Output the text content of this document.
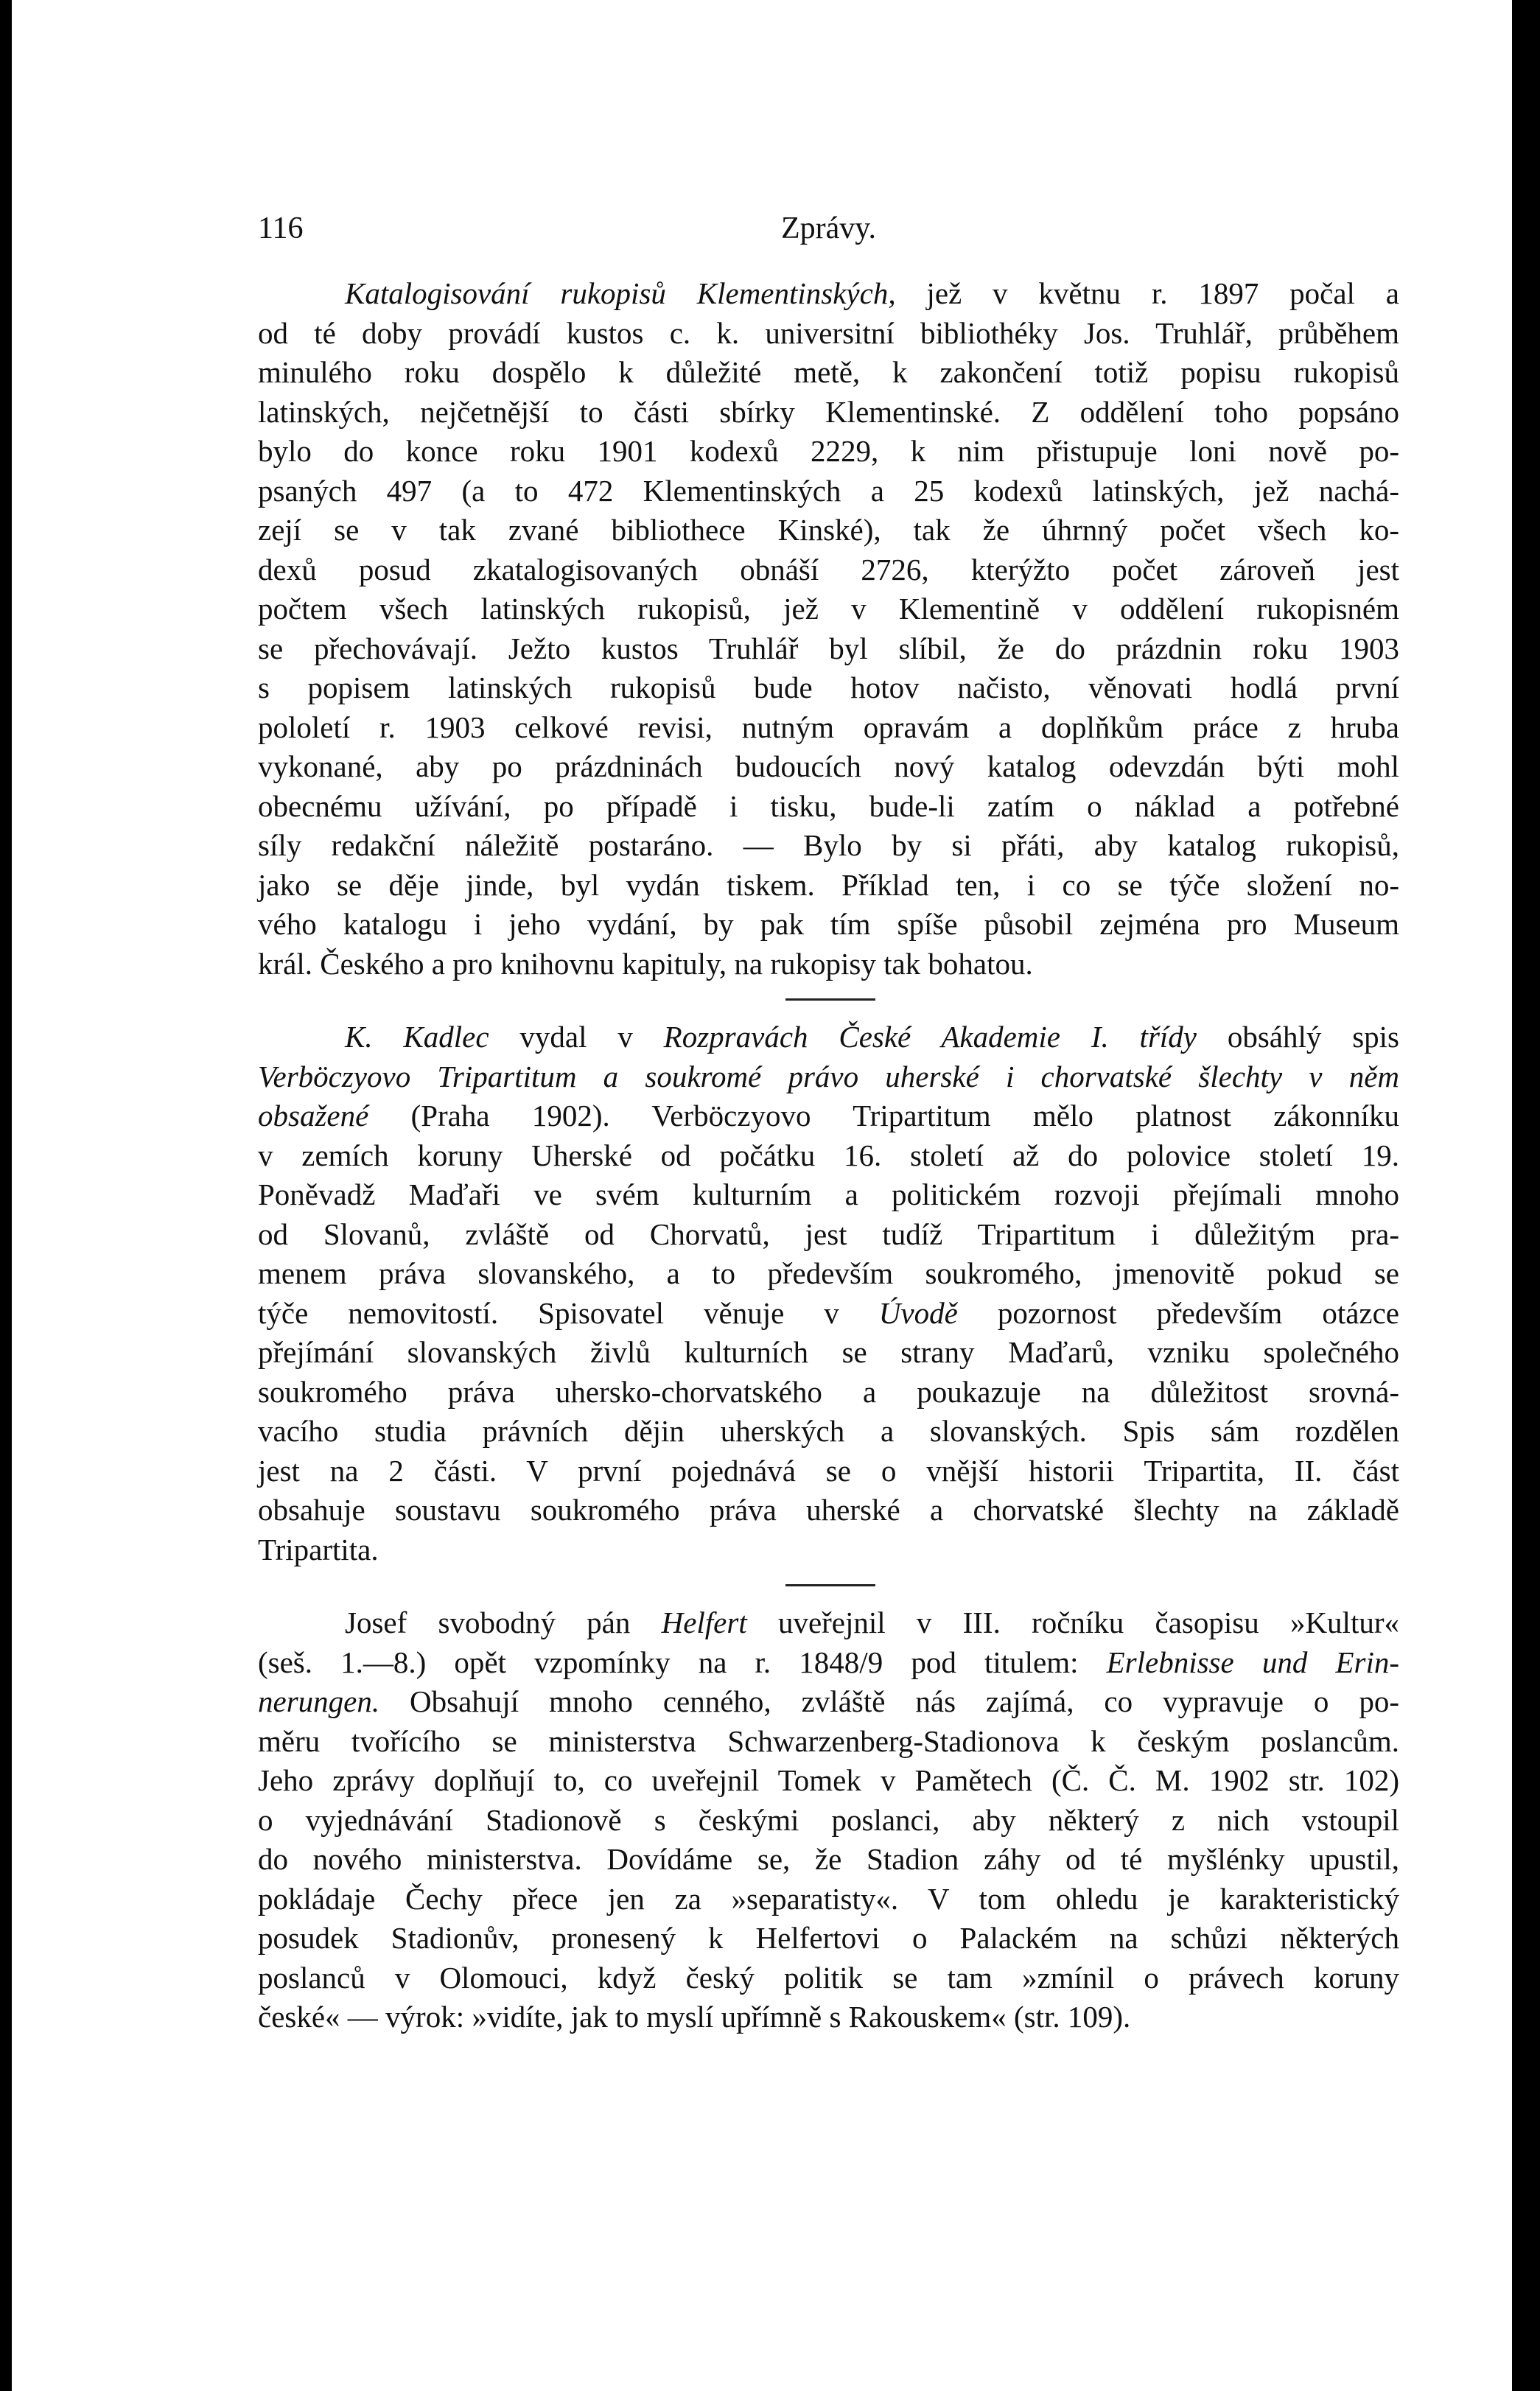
116	Zprávy.
Katalogisování rukopisů Klementinských, jež v květnu r. 1897 počal a
od té doby provádí kustos c. k. universitní bibliothéky Jos. Truhlář, průběhem
minulého roku dospělo k důležité metě, k zakončení totiž popisu rukopisů
latinských, nejčetnější to části sbírky Klementinské. Z oddělení toho popsáno
bylo do konce roku 1901 kodexů 2229, k nim přistupuje loni nově po-
psaných 497 (a to 472 Klementinských a 25 kodexů latinských, jež nachá-
zejí se v tak zvané bibliothece Kinské), tak že úhrnný počet všech ko-
dexů posud zkatalogisovaných obnáší 2726, kterýžto počet zároveň jest
počtem všech latinských rukopisů, jež v Klementině v oddělení rukopisném
se přechovávají. Ježto kustos Truhlář byl slíbil, že do prázdnin roku 1903
s popisem latinských rukopisů bude hotov načisto, věnovati hodlá první
pololetí r. 1903 celkové revisi, nutným opravám a doplňkům práce z hruba
vykonané, aby po prázdninách budoucích nový katalog odevzdán býti mohl
obecnému užívání, po případě i tisku, bude-li zatím o náklad a potřebné
síly redakční náležitě postaráno. — Bylo by si přáti, aby katalog rukopisů,
jako se děje jinde, byl vydán tiskem. Příklad ten, i co se týče složení no-
vého katalogu i jeho vydání, by pak tím spíše působil zejména pro Museum
král. Českého a pro knihovnu kapituly, na rukopisy tak bohatou.
K. Kadlec vydal v Rozpravách České Akademie I. třídy obsáhlý spis
Verböczyovo Tripartitum a soukromé právo uherské i chorvatské šlechty v něm
obsažené (Praha 1902). Verböczyovo Tripartitum mělo platnost zákonníku
v zemích koruny Uherské od počátku 16. století až do polovice století 19.
Poněvadž Maďaři ve svém kulturním a politickém rozvoji přejímali mnoho
od Slovanů, zvláště od Chorvatů, jest tudíž Tripartitum i důležitým pra-
menem práva slovanského, a to především soukromého, jmenovitě pokud se
týče nemovitostí. Spisovatel věnuje v Úvodě pozornost především otázce
přejímání slovanských živlů kulturních se strany Maďarů, vzniku společného
soukromého práva uhersko-chorvatského a poukazuje na důležitost srovná-
vacího studia právních dějin uherských a slovanských. Spis sám rozdělen
jest na 2 části. V první pojednává se o vnější historii Tripartita, II. část
obsahuje soustavu soukromého práva uherské a chorvatské šlechty na základě
Tripartita.
Josef svobodný pán Helfert uveřejnil v III. ročníku časopisu »Kultur«
(seš. 1.—8.) opět vzpomínky na r. 1848/9 pod titulem: Erlebnisse und Erin-
nerungen. Obsahují mnoho cenného, zvláště nás zajímá, co vypravuje o po-
měru tvořícího se ministerstva Schwarzenberg-Stadionova k českým poslancům.
Jeho zprávy doplňují to, co uveřejnil Tomek v Pamětech (Č. Č. M. 1902 str. 102)
o vyjednávání Stadionově s českými poslanci, aby některý z nich vstoupil
do nového ministerstva. Dovídáme se, že Stadion záhy od té myšlénky upustil,
pokládaje Čechy přece jen za »separatisty«. V tom ohledu je karakteristický
posudek Stadionův, pronesený k Helfertovi o Palackém na schůzi některých
poslanců v Olomouci, když český politik se tam »zmínil o právech koruny
české« — výrok: »vidíte, jak to myslí upřímně s Rakouskem« (str. 109).
